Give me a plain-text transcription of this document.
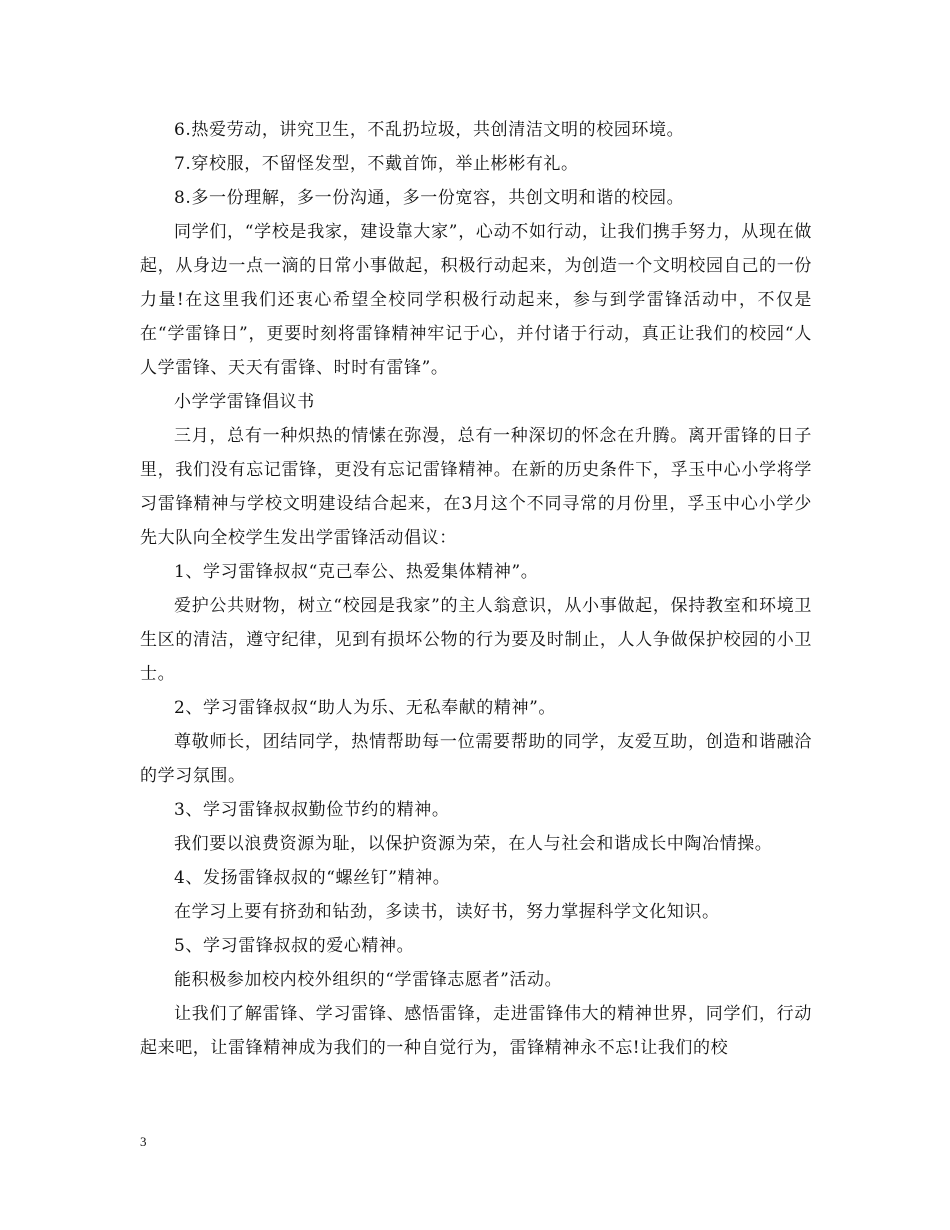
6.热爱劳动，讲究卫生，不乱扔垃圾，共创清洁文明的校园环境。

7.穿校服，不留怪发型，不戴首饰，举止彬彬有礼。

8.多一份理解，多一份沟通，多一份宽容，共创文明和谐的校园。

同学们，“学校是我家，建设靠大家”，心动不如行动，让我们携手努力，从现在做起，从身边一点一滴的日常小事做起，积极行动起来，为创造一个文明校园自己的一份力量!在这里我们还衷心希望全校同学积极行动起来，参与到学雷锋活动中，不仅是在“学雷锋日”，更要时刻将雷锋精神牢记于心，并付诸于行动，真正让我们的校园“人人学雷锋、天天有雷锋、时时有雷锋”。

小学学雷锋倡议书

三月，总有一种炽热的情愫在弥漫，总有一种深切的怀念在升腾。离开雷锋的日子里，我们没有忘记雷锋，更没有忘记雷锋精神。在新的历史条件下，孚玉中心小学将学习雷锋精神与学校文明建设结合起来，在3月这个不同寻常的月份里，孚玉中心小学少先大队向全校学生发出学雷锋活动倡议：

1、学习雷锋叔叔“克己奉公、热爱集体精神”。

爱护公共财物，树立“校园是我家”的主人翁意识，从小事做起，保持教室和环境卫生区的清洁，遵守纪律，见到有损坏公物的行为要及时制止，人人争做保护校园的小卫士。

2、学习雷锋叔叔“助人为乐、无私奉献的精神”。

尊敬师长，团结同学，热情帮助每一位需要帮助的同学，友爱互助，创造和谐融洽的学习氛围。

3、学习雷锋叔叔勤俭节约的精神。

我们要以浪费资源为耻，以保护资源为荣，在人与社会和谐成长中陶冶情操。

4、发扬雷锋叔叔的“螺丝钉”精神。

在学习上要有挤劲和钻劲，多读书，读好书，努力掌握科学文化知识。

5、学习雷锋叔叔的爱心精神。

能积极参加校内校外组织的“学雷锋志愿者”活动。

让我们了解雷锋、学习雷锋、感悟雷锋，走进雷锋伟大的精神世界，同学们，行动起来吧，让雷锋精神成为我们的一种自觉行为，雷锋精神永不忘!让我们的校

3
